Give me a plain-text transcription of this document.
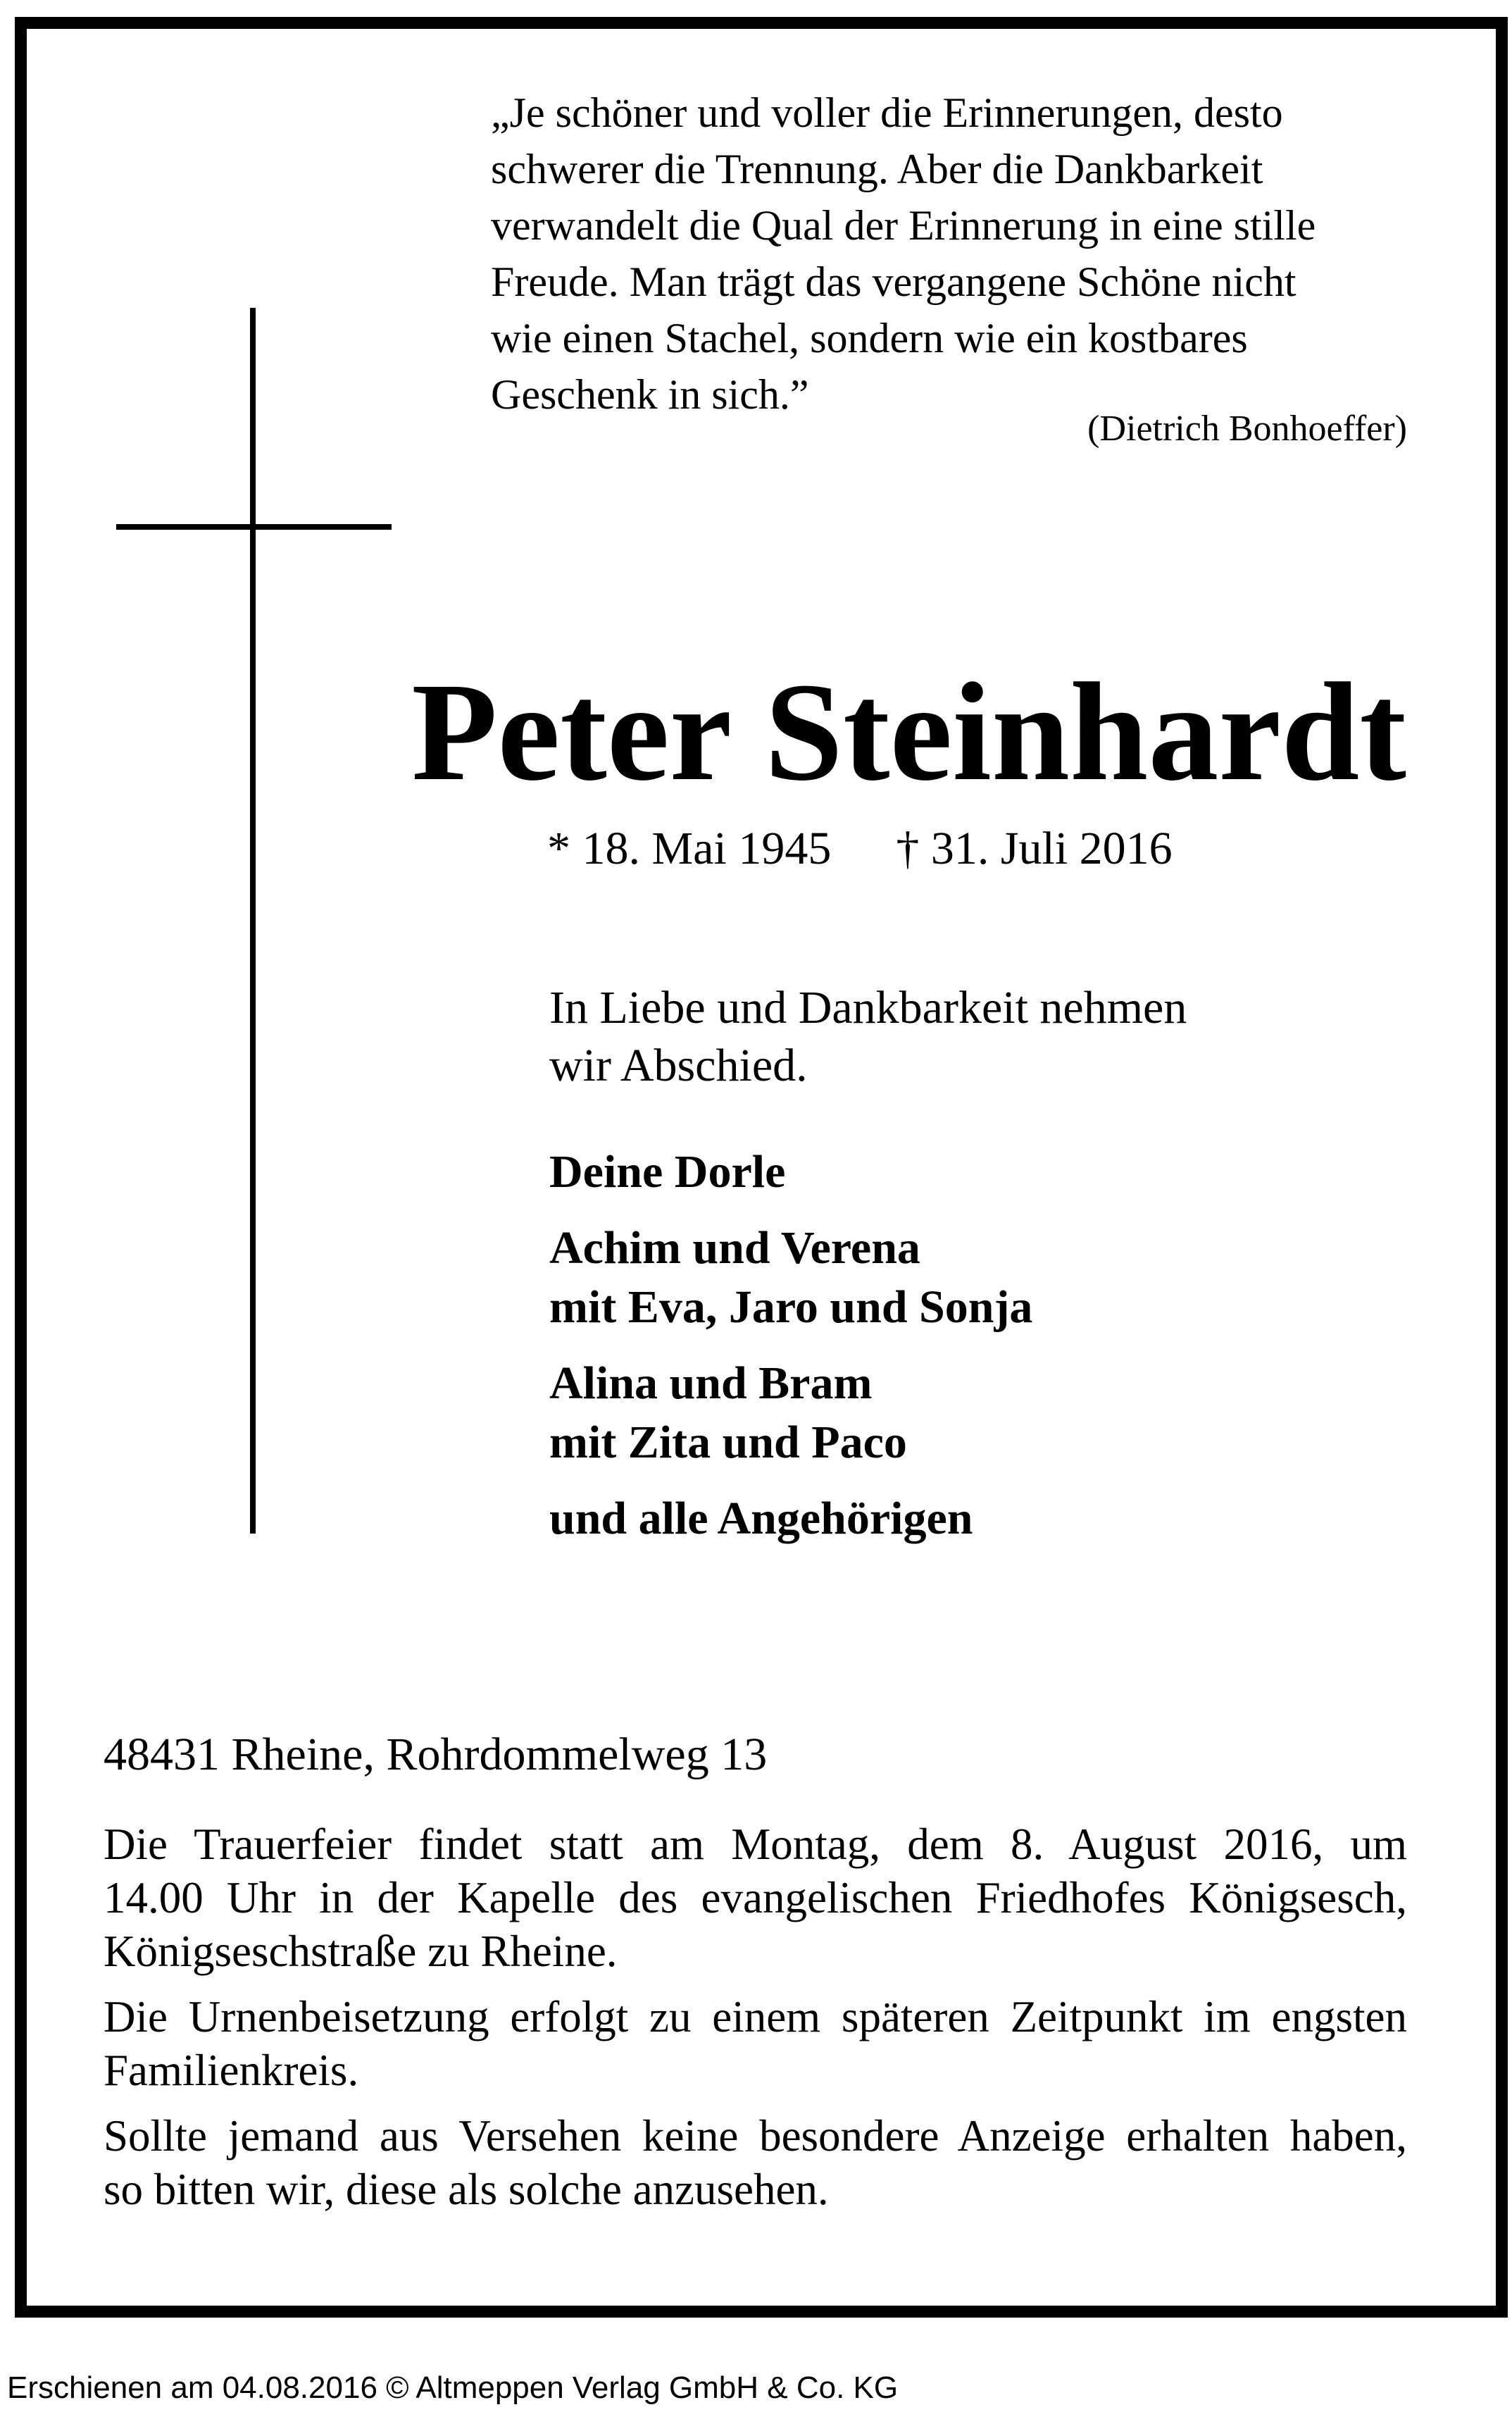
„Je schöner und voller die Erinnerungen, desto
schwerer die Trennung. Aber die Dankbarkeit
verwandelt die Qual der Erinnerung in eine stille
Freude. Man trägt das vergangene Schöne nicht
wie einen Stachel, sondern wie ein kostbares
Geschenk in sich.”
(Dietrich Bonhoeffer)
Peter Steinhardt
* 18. Mai 1945 † 31. Juli 2016
In Liebe und Dankbarkeit nehmen
wir Abschied.
Deine Dorle
Achim und Verena
mit Eva, Jaro und Sonja
Alina und Bram
mit Zita und Paco
und alle Angehörigen
48431 Rheine, Rohrdommelweg 13

Die Trauerfeier findet statt am Montag, dem 8. August 2016, um
14.00 Uhr in der Kapelle des evangelischen Friedhofes Königsesch,
Königseschstraße zu Rheine.

Die Urnenbeisetzung erfolgt zu einem späteren Zeitpunkt im engsten
Familienkreis.

Sollte jemand aus Versehen keine besondere Anzeige erhalten haben,
so bitten wir, diese als solche anzusehen.

Erschienen am 04.08.2016 © Altmeppen Verlag GmbH & Co. KG
